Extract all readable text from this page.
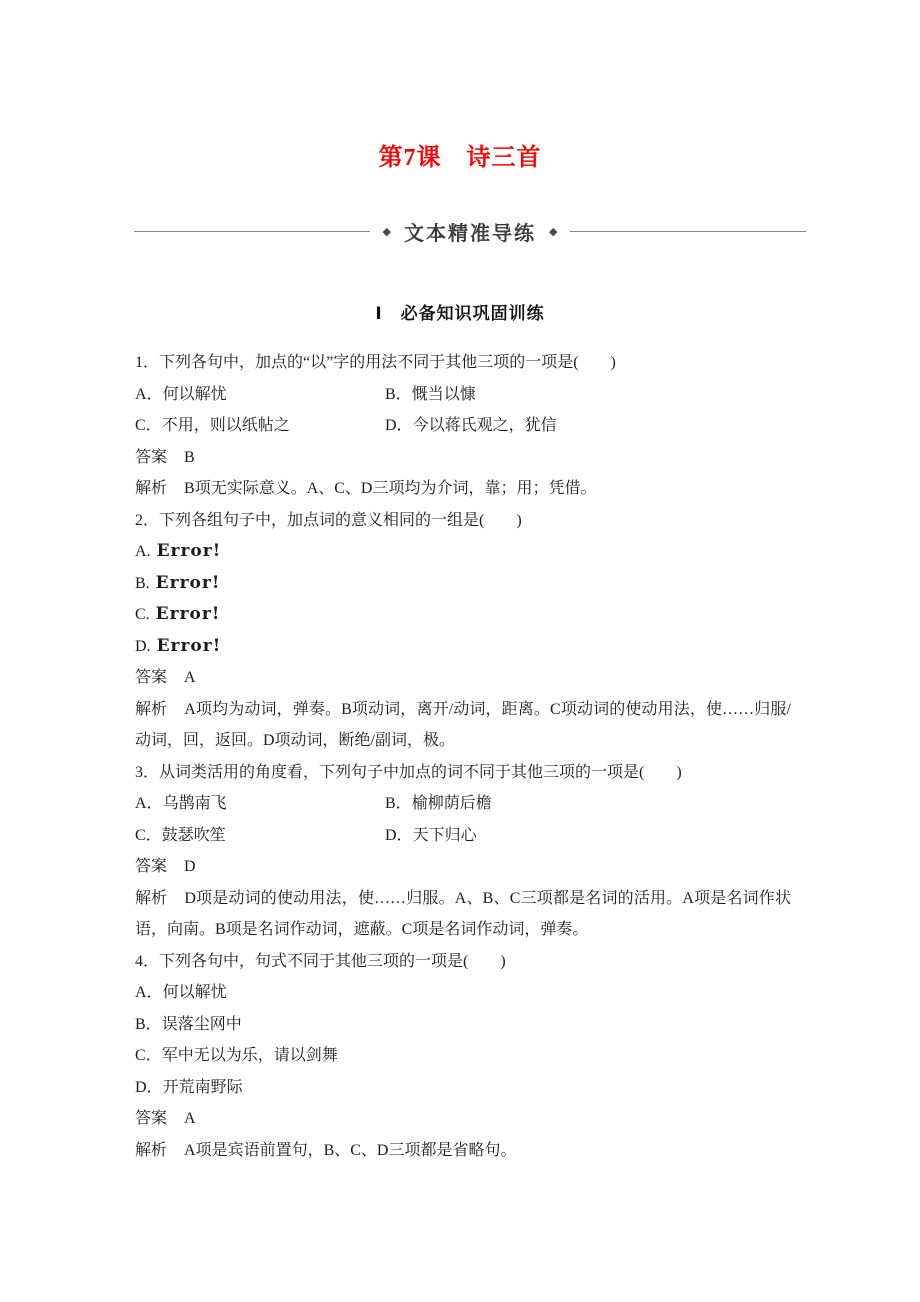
第7课　诗三首
◆ 文本精准导练 ◆
Ⅰ　必备知识巩固训练
1．下列各句中，加点的“以”字的用法不同于其他三项的一项是(　　)
A．何以解忧	B．慨当以慷
C．不用，则以纸帖之	D．今以蒋氏观之，犹信
答案 B
解析 B项无实际意义。A、C、D三项均为介词，靠；用；凭借。
2．下列各组句子中，加点词的意义相同的一组是(　　)
A. Error!
B. Error!
C. Error!
D. Error!
答案 A
解析 A项均为动词，弹奏。B项动词，离开/动词，距离。C项动词的使动用法，使……归服/动词，回，返回。D项动词，断绝/副词，极。
3．从词类活用的角度看，下列句子中加点的词不同于其他三项的一项是(　　)
A．乌鹊南飞	B．榆柳荫后檐
C．鼓瑟吹笙	D．天下归心
答案 D
解析 D项是动词的使动用法，使……归服。A、B、C三项都是名词的活用。A项是名词作状语，向南。B项是名词作动词，遮蔽。C项是名词作动词，弹奏。
4．下列各句中，句式不同于其他三项的一项是(　　)
A．何以解忧
B．误落尘网中
C．军中无以为乐，请以剑舞
D．开荒南野际
答案 A
解析 A项是宾语前置句，B、C、D三项都是省略句。
